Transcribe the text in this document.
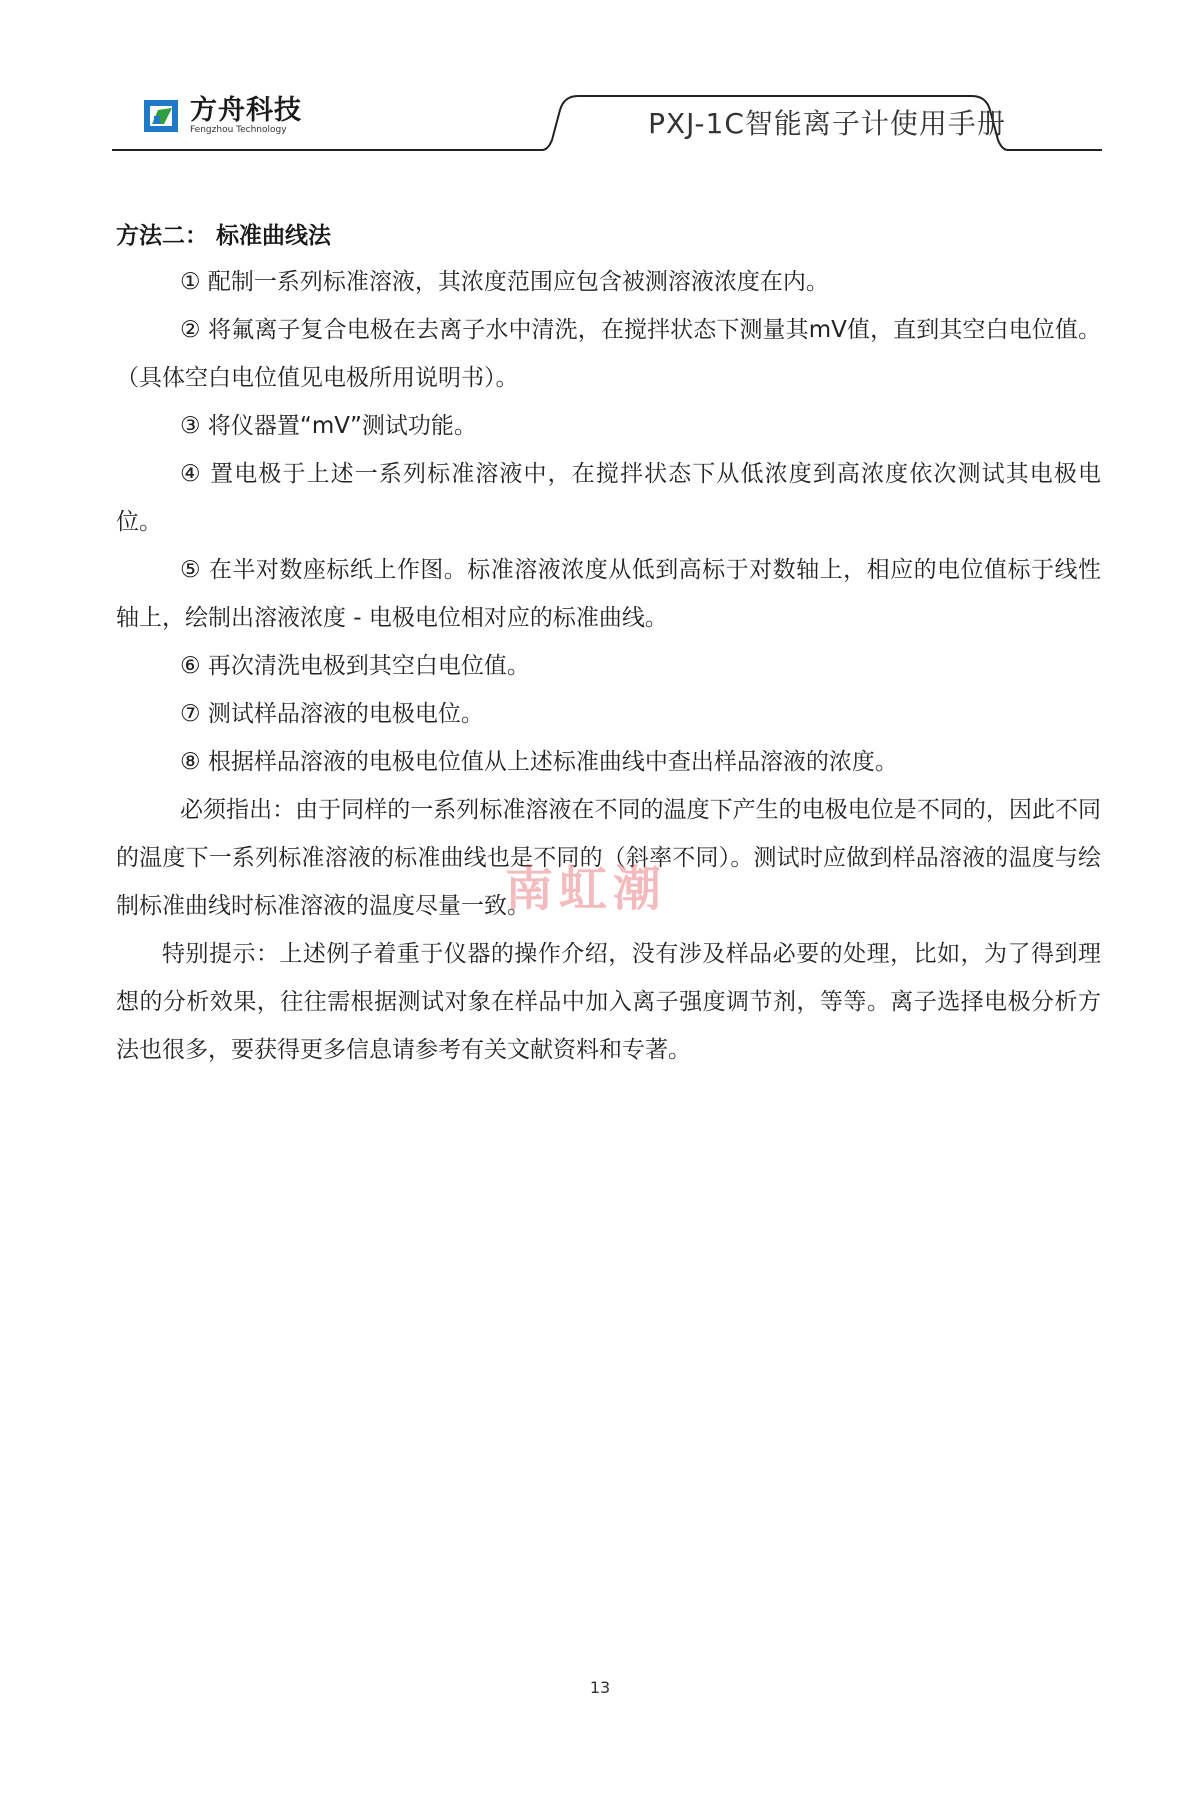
方舟科技
Fengzhou Technology	PXJ-1C智能离子计使用手册
方法二： 标准曲线法

① 配制一系列标准溶液，其浓度范围应包含被测溶液浓度在内。

② 将氟离子复合电极在去离子水中清洗，在搅拌状态下测量其mV值，直到其空白电位值。（具体空白电位值见电极所用说明书）。

③ 将仪器置“mV”测试功能。

④ 置电极于上述一系列标准溶液中，在搅拌状态下从低浓度到高浓度依次测试其电极电位。

⑤ 在半对数座标纸上作图。标准溶液浓度从低到高标于对数轴上，相应的电位值标于线性轴上，绘制出溶液浓度 - 电极电位相对应的标准曲线。

⑥ 再次清洗电极到其空白电位值。

⑦ 测试样品溶液的电极电位。

⑧ 根据样品溶液的电极电位值从上述标准曲线中查出样品溶液的浓度。

必须指出：由于同样的一系列标准溶液在不同的温度下产生的电极电位是不同的，因此不同的温度下一系列标准溶液的标准曲线也是不同的（斜率不同）。测试时应做到样品溶液的温度与绘制标准曲线时标准溶液的温度尽量一致。

特别提示：上述例子着重于仪器的操作介绍，没有涉及样品必要的处理，比如，为了得到理想的分析效果，往往需根据测试对象在样品中加入离子强度调节剂，等等。离子选择电极分析方法也很多，要获得更多信息请参考有关文献资料和专著。

南虹潮
13
